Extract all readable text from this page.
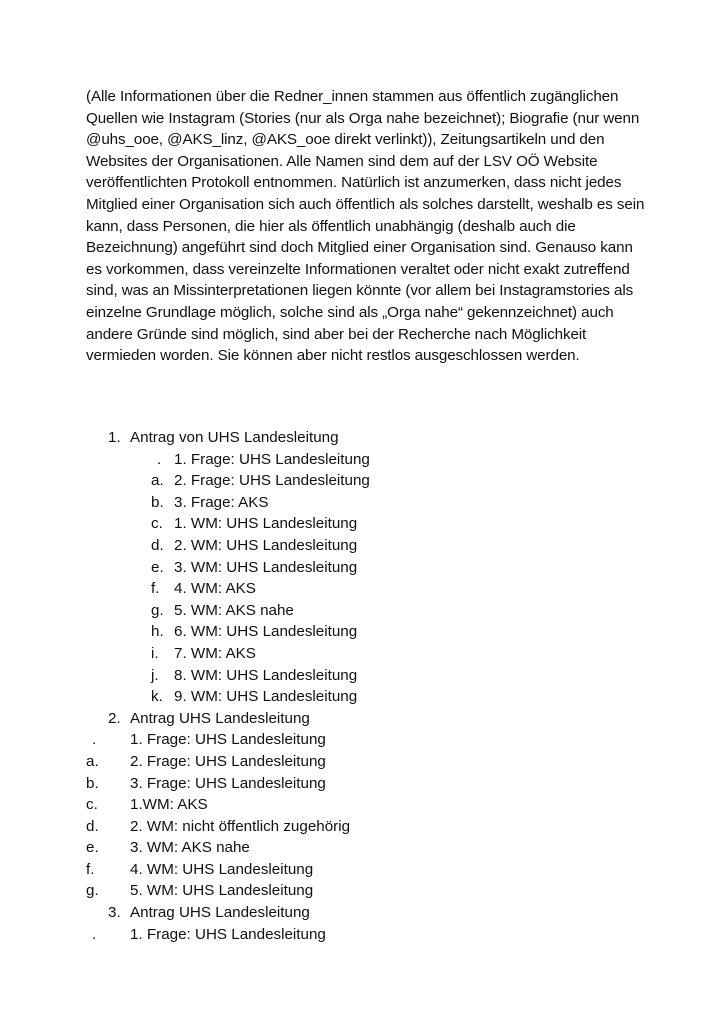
(Alle Informationen über die Redner_innen stammen aus öffentlich zugänglichen Quellen wie Instagram (Stories (nur als Orga nahe bezeichnet); Biografie (nur wenn @uhs_ooe, @AKS_linz, @AKS_ooe direkt verlinkt)), Zeitungsartikeln und den Websites der Organisationen. Alle Namen sind dem auf der LSV OÖ Website veröffentlichten Protokoll entnommen. Natürlich ist anzumerken, dass nicht jedes Mitglied einer Organisation sich auch öffentlich als solches darstellt, weshalb es sein kann, dass Personen, die hier als öffentlich unabhängig (deshalb auch die Bezeichnung) angeführt sind doch Mitglied einer Organisation sind. Genauso kann es vorkommen, dass vereinzelte Informationen veraltet oder nicht exakt zutreffend sind, was an Missinterpretationen liegen könnte (vor allem bei Instagramstories als einzelne Grundlage möglich, solche sind als „Orga nahe“ gekennzeichnet) auch andere Gründe sind möglich, sind aber bei der Recherche nach Möglichkeit vermieden worden. Sie können aber nicht restlos ausgeschlossen werden.

1. Antrag von UHS Landesleitung
. 1. Frage: UHS Landesleitung
a. 2. Frage: UHS Landesleitung
b. 3. Frage: AKS
c. 1. WM: UHS Landesleitung
d. 2. WM: UHS Landesleitung
e. 3. WM: UHS Landesleitung
f. 4. WM: AKS
g. 5. WM: AKS nahe
h. 6. WM: UHS Landesleitung
i. 7. WM: AKS
j. 8. WM: UHS Landesleitung
k. 9. WM: UHS Landesleitung
2. Antrag UHS Landesleitung
. 1. Frage: UHS Landesleitung
a. 2. Frage: UHS Landesleitung
b. 3. Frage: UHS Landesleitung
c. 1.WM: AKS
d. 2. WM: nicht öffentlich zugehörig
e. 3. WM: AKS nahe
f. 4. WM: UHS Landesleitung
g. 5. WM: UHS Landesleitung
3. Antrag UHS Landesleitung
. 1. Frage: UHS Landesleitung
